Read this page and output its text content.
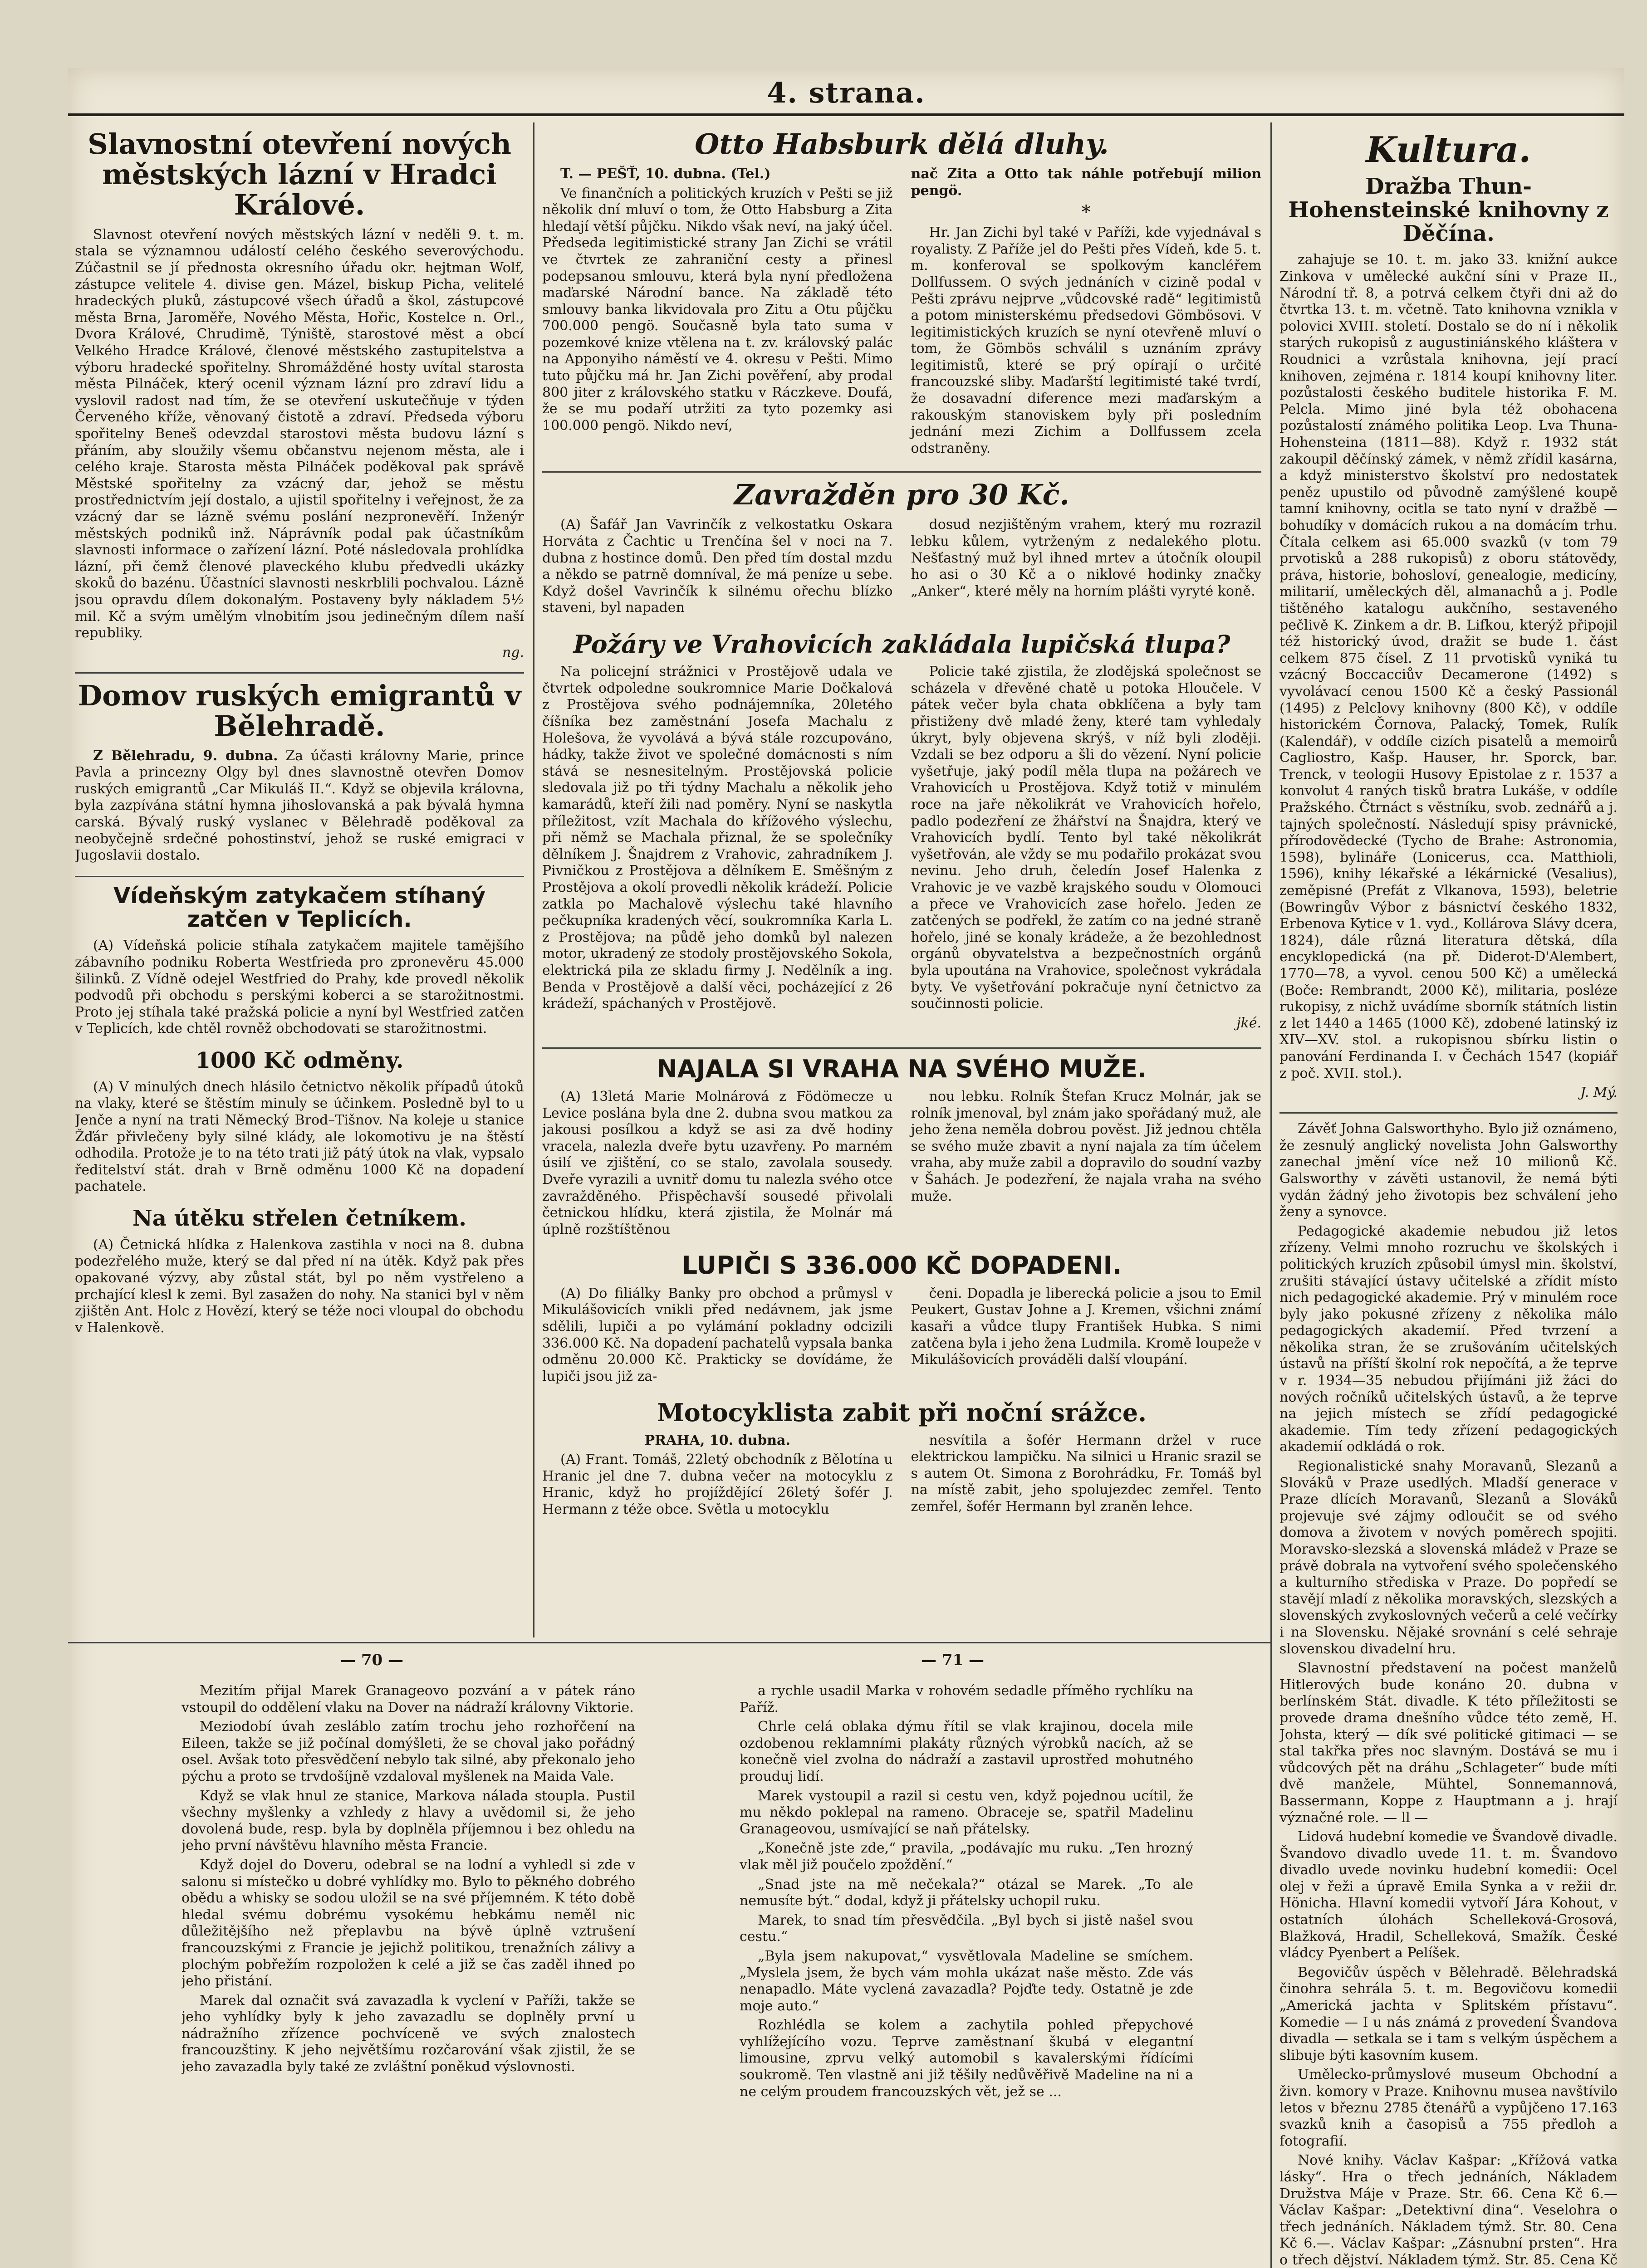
4. strana.
Slavnostní otevření nových městských lázní v Hradci Králové.

Slavnost otevření nových městských lázní v neděli 9. t. m. stala se významnou událostí celého českého severovýchodu. Zúčastnil se jí přednosta okresního úřadu okr. hejtman Wolf, zástupce velitele 4. divise gen. Mázel, biskup Picha, velitelé hradeckých pluků, zástupcové všech úřadů a škol, zástupcové města Brna, Jaroměře, Nového Města, Hořic, Kostelce n. Orl., Dvora Králové, Chrudimě, Týniště, starostové měst a obcí Velkého Hradce Králové, členové městského zastupitelstva a výboru hradecké spořitelny. Shromážděné hosty uvítal starosta města Pilnáček, který ocenil význam lázní pro zdraví lidu a vyslovil radost nad tím, že se otevření uskutečňuje v týden Červeného kříže, věnovaný čistotě a zdraví. Předseda výboru spořitelny Beneš odevzdal starostovi města budovu lázní s přáním, aby sloužily všemu občanstvu nejenom města, ale i celého kraje. Starosta města Pilnáček poděkoval pak správě Městské spořitelny za vzácný dar, jehož se městu prostřednictvím její dostalo, a ujistil spořitelny i veřejnost, že za vzácný dar se lázně svému poslání nezpronevěří. Inženýr městských podniků inž. Náprávník podal pak účastníkům slavnosti informace o zařízení lázní. Poté následovala prohlídka lázní, při čemž členové plaveckého klubu předvedli ukázky skoků do bazénu. Účastníci slavnosti neskrblili pochvalou. Lázně jsou opravdu dílem dokonalým. Postaveny byly nákladem 5½ mil. Kč a svým umělým vlnobitím jsou jedinečným dílem naší republiky.

ng.
Domov ruských emigrantů v Bělehradě.

Z Bělehradu, 9. dubna. Za účasti královny Marie, prince Pavla a princezny Olgy byl dnes slavnostně otevřen Domov ruských emigrantů „Car Mikuláš II.“. Když se objevila královna, byla zazpívána státní hymna jihoslovanská a pak bývalá hymna carská. Bývalý ruský vyslanec v Bělehradě poděkoval za neobyčejně srdečné pohostinství, jehož se ruské emigraci v Jugoslavii dostalo.

Vídeňským zatykačem stíhaný zatčen v Teplicích.

(A) Vídeňská policie stíhala zatykačem majitele tamějšího zábavního podniku Roberta Westfrieda pro zpronevěru 45.000 šilinků. Z Vídně odejel Westfried do Prahy, kde provedl několik podvodů při obchodu s perskými koberci a se starožitnostmi. Proto jej stíhala také pražská policie a nyní byl Westfried zatčen v Teplicích, kde chtěl rovněž obchodovati se starožitnostmi.

1000 Kč odměny.

(A) V minulých dnech hlásilo četnictvo několik případů útoků na vlaky, které se štěstím minuly se účinkem. Posledně byl to u Jenče a nyní na trati Německý Brod–Tišnov. Na koleje u stanice Žďár přivlečeny byly silné klády, ale lokomotivu je na štěstí odhodila. Protože je to na této trati již pátý útok na vlak, vypsalo ředitelství stát. drah v Brně odměnu 1000 Kč na dopadení pachatele.

Na útěku střelen četníkem.

(A) Četnická hlídka z Halenkova zastihla v noci na 8. dubna podezřelého muže, který se dal před ní na útěk. Když pak přes opakované výzvy, aby zůstal stát, byl po něm vystřeleno a prchající klesl k zemi. Byl zasažen do nohy. Na stanici byl v něm zjištěn Ant. Holc z Hovězí, který se téže noci vloupal do obchodu v Halenkově.

Otto Habsburk dělá dluhy.

T. — PEŠŤ, 10. dubna. (Tel.)

Ve finančních a politických kruzích v Pešti se již několik dní mluví o tom, že Otto Habsburg a Zita hledají větší půjčku. Nikdo však neví, na jaký účel. Předseda legitimistické strany Jan Zichi se vrátil ve čtvrtek ze zahraniční cesty a přinesl podepsanou smlouvu, která byla nyní předložena maďarské Národní bance. Na základě této smlouvy banka likvidovala pro Zitu a Otu půjčku 700.000 pengö. Současně byla tato suma v pozemkové knize vtělena na t. zv. královský palác na Apponyiho náměstí ve 4. okresu v Pešti. Mimo tuto půjčku má hr. Jan Zichi pověření, aby prodal 800 jiter z královského statku v Ráczkeve. Doufá, že se mu podaří utržiti za tyto pozemky asi 100.000 pengö. Nikdo neví,

nač Zita a Otto tak náhle potřebují milion pengö.

*

Hr. Jan Zichi byl také v Paříži, kde vyjednával s royalisty. Z Paříže jel do Pešti přes Vídeň, kde 5. t. m. konferoval se spolkovým kancléřem Dollfussem. O svých jednáních v cizině podal v Pešti zprávu nejprve „vůdcovské radě“ legitimistů a potom ministerskému předsedovi Gömbösovi. V legitimistických kruzích se nyní otevřeně mluví o tom, že Gömbös schválil s uznáním zprávy legitimistů, které se prý opírají o určité francouzské sliby. Maďarští legitimisté také tvrdí, že dosavadní diference mezi maďarským a rakouským stanoviskem byly při posledním jednání mezi Zichim a Dollfussem zcela odstraněny.

Zavražděn pro 30 Kč.

(A) Šafář Jan Vavrinčík z velkostatku Oskara Horváta z Čachtic u Trenčína šel v noci na 7. dubna z hostince domů. Den před tím dostal mzdu a někdo se patrně domníval, že má peníze u sebe. Když došel Vavrinčík k silnému ořechu blízko staveni, byl napaden

dosud nezjištěným vrahem, který mu rozrazil lebku kůlem, vytrženým z nedalekého plotu. Nešťastný muž byl ihned mrtev a útočník oloupil ho asi o 30 Kč a o niklové hodinky značky „Anker“, které měly na horním plášti vyryté koně.

Požáry ve Vrahovicích zakládala lupičská tlupa?

Na policejní strážnici v Prostějově udala ve čtvrtek odpoledne soukromnice Marie Dočkalová z Prostějova svého podnájemníka, 20letého číšníka bez zaměstnání Josefa Machalu z Holešova, že vyvolává a bývá stále rozcupováno, hádky, takže život ve společné domácnosti s ním stává se nesnesitelným. Prostějovská policie sledovala již po tři týdny Machalu a několik jeho kamarádů, kteří žili nad poměry. Nyní se naskytla příležitost, vzít Machala do křížového výslechu, při němž se Machala přiznal, že se společníky dělníkem J. Šnajdrem z Vrahovic, zahradníkem J. Pivničkou z Prostějova a dělníkem E. Směšným z Prostějova a okolí provedli několik krádeží. Policie zatkla po Machalově výslechu také hlavního pečkupníka kradených věcí, soukromníka Karla L. z Prostějova; na půdě jeho domků byl nalezen motor, ukradený ze stodoly prostějovského Sokola, elektrická pila ze skladu firmy J. Nedělník a ing. Benda v Prostějově a další věci, pocházející z 26 krádeží, spáchaných v Prostějově.

Policie také zjistila, že zlodějská společnost se scházela v dřevěné chatě u potoka Hloučele. V pátek večer byla chata obklíčena a byly tam přistiženy dvě mladé ženy, které tam vyhledaly úkryt, byly objevena skrýš, v níž byli zloději. Vzdali se bez odporu a šli do vězení. Nyní policie vyšetřuje, jaký podíl měla tlupa na požárech ve Vrahovicích u Prostějova. Když totiž v minulém roce na jaře několikrát ve Vrahovicích hořelo, padlo podezření ze žhářství na Šnajdra, který ve Vrahovicích bydlí. Tento byl také několikrát vyšetřován, ale vždy se mu podařilo prokázat svou nevinu. Jeho druh, čeledín Josef Halenka z Vrahovic je ve vazbě krajského soudu v Olomouci a přece ve Vrahovicích zase hořelo. Jeden ze zatčených se podřekl, že zatím co na jedné straně hořelo, jiné se konaly krádeže, a že bezohlednost orgánů obyvatelstva a bezpečnostních orgánů byla upoutána na Vrahovice, společnost vykrádala byty. Ve vyšetřování pokračuje nyní četnictvo za součinnosti policie.

jké.
NAJALA SI VRAHA NA SVÉHO MUŽE.

(A) 13letá Marie Molnárová z Födömecze u Levice poslána byla dne 2. dubna svou matkou za jakousi posílkou a když se asi za dvě hodiny vracela, nalezla dveře bytu uzavřeny. Po marném úsilí ve zjištění, co se stalo, zavolala sousedy. Dveře vyrazili a uvnitř domu tu nalezla svého otce zavražděného. Přispěchavší sousedé přivolali četnickou hlídku, která zjistila, že Molnár má úplně rozštíštěnou

nou lebku. Rolník Štefan Krucz Molnár, jak se rolník jmenoval, byl znám jako spořádaný muž, ale jeho žena neměla dobrou pověst. Již jednou chtěla se svého muže zbavit a nyní najala za tím účelem vraha, aby muže zabil a dopravilo do soudní vazby v Šahách. Je podezření, že najala vraha na svého muže.

LUPIČI S 336.000 KČ DOPADENI.

(A) Do filiálky Banky pro obchod a průmysl v Mikulášovicích vnikli před nedávnem, jak jsme sdělili, lupiči a po vylámání pokladny odcizili 336.000 Kč. Na dopadení pachatelů vypsala banka odměnu 20.000 Kč. Prakticky se dovídáme, že lupiči jsou již za-

čeni. Dopadla je liberecká policie a jsou to Emil Peukert, Gustav Johne a J. Kremen, všichni známí kasaři a vůdce tlupy František Hubka. S nimi zatčena byla i jeho žena Ludmila. Kromě loupeže v Mikulášovicích prováděli další vloupání.

Motocyklista zabit při noční srážce.

PRAHA, 10. dubna.

(A) Frant. Tomáš, 22letý obchodník z Bělotína u Hranic jel dne 7. dubna večer na motocyklu z Hranic, když ho projíždějící 26letý šofér J. Hermann z téže obce. Světla u motocyklu

nesvítila a šofér Hermann držel v ruce elektrickou lampičku. Na silnici u Hranic srazil se s autem Ot. Simona z Borohrádku, Fr. Tomáš byl na místě zabit, jeho spolujezdec zemřel. Tento zemřel, šofér Hermann byl zraněn lehce.

Kultura.
Dražba Thun-Hohensteinské knihovny z Děčína.

zahajuje se 10. t. m. jako 33. knižní aukce Zinkova v umělecké aukční síni v Praze II., Národní tř. 8, a potrvá celkem čtyři dni až do čtvrtka 13. t. m. včetně. Tato knihovna vznikla v polovici XVIII. století. Dostalo se do ní i několik starých rukopisů z augustiniánského kláštera v Roudnici a vzrůstala knihovna, její prací knihoven, zejména r. 1814 koupí knihovny liter. pozůstalosti českého buditele historika F. M. Pelcla. Mimo jiné byla též obohacena pozůstalostí známého politika Leop. Lva Thuna-Hohensteina (1811—88). Když r. 1932 stát zakoupil děčínský zámek, v němž zřídil kasárna, a když ministerstvo školství pro nedostatek peněz upustilo od původně zamýšlené koupě tamní knihovny, ocitla se tato nyní v dražbě — bohudíky v domácích rukou a na domácím trhu. Čítala celkem asi 65.000 svazků (v tom 79 prvotisků a 288 rukopisů) z oboru státovědy, práva, historie, bohosloví, genealogie, medicíny, militarií, uměleckých děl, almanachů a j. Podle tištěného katalogu aukčního, sestaveného pečlivě K. Zinkem a dr. B. Lifkou, kterýž připojil též historický úvod, dražit se bude 1. část celkem 875 čísel. Z 11 prvotisků vyniká tu vzácný Boccacciův Decamerone (1492) s vyvolávací cenou 1500 Kč a český Passionál (1495) z Pelclovy knihovny (800 Kč), v oddíle historickém Čornova, Palacký, Tomek, Rulík (Kalendář), v oddíle cizích pisatelů a memoirů Cagliostro, Kašp. Hauser, hr. Sporck, bar. Trenck, v teologii Husovy Epistolae z r. 1537 a konvolut 4 raných tisků bratra Lukáše, v oddíle Pražského. Čtrnáct s věstníku, svob. zednářů a j. tajných společností. Následují spisy právnické, přírodovědecké (Tycho de Brahe: Astronomia, 1598), bylináře (Lonicerus, cca. Matthioli, 1596), knihy lékařské a lékárnické (Vesalius), zeměpisné (Prefát z Vlkanova, 1593), beletrie (Bowringův Výbor z básnictví českého 1832, Erbenova Kytice v 1. vyd., Kollárova Slávy dcera, 1824), dále různá literatura dětská, díla encyklopedická (na př. Diderot-D'Alembert, 1770—78, a vyvol. cenou 500 Kč) a umělecká (Boče: Rembrandt, 2000 Kč), militaria, posléze rukopisy, z nichž uvádíme sborník státních listin z let 1440 a 1465 (1000 Kč), zdobené latinský iz XIV—XV. stol. a rukopisnou sbírku listin o panování Ferdinanda I. v Čechách 1547 (kopiář z poč. XVII. stol.).

J. Mý.

Závěť Johna Galsworthyho. Bylo již oznámeno, že zesnulý anglický novelista John Galsworthy zanechal jmění více než 10 milionů Kč. Galsworthy v závěti ustanovil, že nemá býti vydán žádný jeho životopis bez schválení jeho ženy a synovce.

Pedagogické akademie nebudou již letos zřízeny. Velmi mnoho rozruchu ve školských i politických kruzích způsobil úmysl min. školství, zrušiti stávající ústavy učitelské a zřídit místo nich pedagogické akademie. Prý v minulém roce byly jako pokusné zřízeny z několika málo pedagogických akademií. Před tvrzení a několika stran, že se zrušováním učitelských ústavů na příští školní rok nepočítá, a že teprve v r. 1934—35 nebudou přijímáni již žáci do nových ročníků učitelských ústavů, a že teprve na jejich místech se zřídí pedagogické akademie. Tím tedy zřízení pedagogických akademií odkládá o rok.

Regionalistické snahy Moravanů, Slezanů a Slováků v Praze usedlých. Mladší generace v Praze dlících Moravanů, Slezanů a Slováků projevuje své zájmy odloučit se od svého domova a životem v nových poměrech spojiti. Moravsko-slezská a slovenská mládež v Praze se právě dobrala na vytvoření svého společenského a kulturního střediska v Praze. Do popředí se stavějí mladí z několika moravských, slezských a slovenských zvykoslovných večerů a celé večírky i na Slovensku. Nějaké srovnání s celé sehraje slovenskou divadelní hru.

Slavnostní představení na počest manželů Hitlerových bude konáno 20. dubna v berlínském Stát. divadle. K této příležitosti se provede drama dnešního vůdce této země, H. Johsta, který — dík své politické gitimaci — se stal takřka přes noc slavným. Dostává se mu i vůdcových pět na dráhu „Schlageter“ bude míti dvě manžele, Mühtel, Sonnemannová, Bassermann, Koppe z Hauptmann a j. hrají význačné role. — ll —

Lidová hudební komedie ve Švandově divadle. Švandovo divadlo uvede 11. t. m. Švandovo divadlo uvede novinku hudební komedii: Ocel olej v řeži a úpravě Emila Synka a v režii dr. Hönicha. Hlavní komedii vytvoří Jára Kohout, v ostatních úlohách Schelleková-Grosová, Blažková, Hradil, Schelleková, Smažík. České vládcy Pyenbert a Pelíšek.

Begovičův úspěch v Bělehradě. Bělehradská činohra sehrála 5. t. m. Begovičovu komedii „Americká jachta v Splitském přístavu“. Komedie — I u nás známá z provedení Švandova divadla — setkala se i tam s velkým úspěchem a slibuje býti kasovním kusem.

Umělecko-průmyslové museum Obchodní a živn. komory v Praze. Knihovnu musea navštívilo letos v březnu 2785 čtenářů a vypůjčeno 17.163 svazků knih a časopisů a 755 předloh a fotografií.

Nové knihy. Václav Kašpar: „Křížová vatka lásky“. Hra o třech jednáních, Nákladem Družstva Máje v Praze. Str. 66. Cena Kč 6.— Václav Kašpar: „Detektivní dina“. Veselohra o třech jednáních. Nákladem týmž. Str. 80. Cena Kč 6.—. Václav Kašpar: „Zásnubní prsten“. Hra o třech dějství. Nákladem týmž. Str. 85. Cena Kč

— 70 —	— 71 —

Mezitím přijal Marek Granageovo pozvání a v pátek ráno vstoupil do oddělení vlaku na Dover na nádraží královny Viktorie.

Meziodobí úvah zesláblo zatím trochu jeho rozhořčení na Eileen, takže se již počínal domýšleti, že se choval jako pořádný osel. Avšak toto přesvědčení nebylo tak silné, aby překonalo jeho pýchu a proto se trvdošíjně vzdaloval myšlenek na Maida Vale.

Když se vlak hnul ze stanice, Markova nálada stoupla. Pustil všechny myšlenky a vzhledy z hlavy a uvědomil si, že jeho dovolená bude, resp. byla by doplněla příjemnou i bez ohledu na jeho první návštěvu hlavního města Francie.

Když dojel do Doveru, odebral se na lodní a vyhledl si zde v salonu si místečko u dobré vyhlídky mo. Bylo to pěkného dobrého obědu a whisky se sodou uložil se na své příjemném. K této době hledal svému dobrému vysokému hebkámu neměl nic důležitějšího než přeplavbu na bývě úplně vztrušení francouzskými z Francie je jejichž politikou, trenažních zálivy a plochým pobřežím rozpoložen k celé a již se čas zaděl ihned po jeho přistání.

Marek dal označit svá zavazadla k vyclení v Paříži, takže se jeho vyhlídky byly k jeho zavazadlu se doplněly první u nádražního zřízence pochvíceně ve svých znalostech francouzštiny. K jeho největšímu rozčarování však zjistil, že se jeho zavazadla byly také ze zvláštní poněkud výslovnosti.

a rychle usadil Marka v rohovém sedadle příměho rychlíku na Paříž.

Chrle celá oblaka dýmu řítil se vlak krajinou, docela mile ozdobenou reklamními plakáty různých výrobků nacích, až se konečně viel zvolna do nádraží a zastavil uprostřed mohutného prouduj lidí.

Marek vystoupil a razil si cestu ven, když pojednou ucítil, že mu někdo poklepal na rameno. Obraceje se, spatřil Madelinu Granageovou, usmívající se naň přátelsky.

„Konečně jste zde,“ pravila, „podávajíc mu ruku. „Ten hrozný vlak měl již poučelo zpoždění.“

„Snad jste na mě nečekala?“ otázal se Marek. „To ale nemusíte být.“ dodal, když ji přátelsky uchopil ruku.

Marek, to snad tím přesvědčila. „Byl bych si jistě našel svou cestu.“

„Byla jsem nakupovat,“ vysvětlovala Madeline se smíchem. „Myslela jsem, že bych vám mohla ukázat naše město. Zde vás nenapadlo. Máte vyclená zavazadla? Pojďte tedy. Ostatně je zde moje auto.“

Rozhlédla se kolem a zachytila pohled přepychové vyhlížejícího vozu. Teprve zaměstnaní škubá v elegantní limousine, zprvu velký automobil s kavalerskými řídícími soukromě. Ten vlastně ani již těšily nedůvěřivě Madeline na ni a ne celým proudem francouzských vět, jež se ...
